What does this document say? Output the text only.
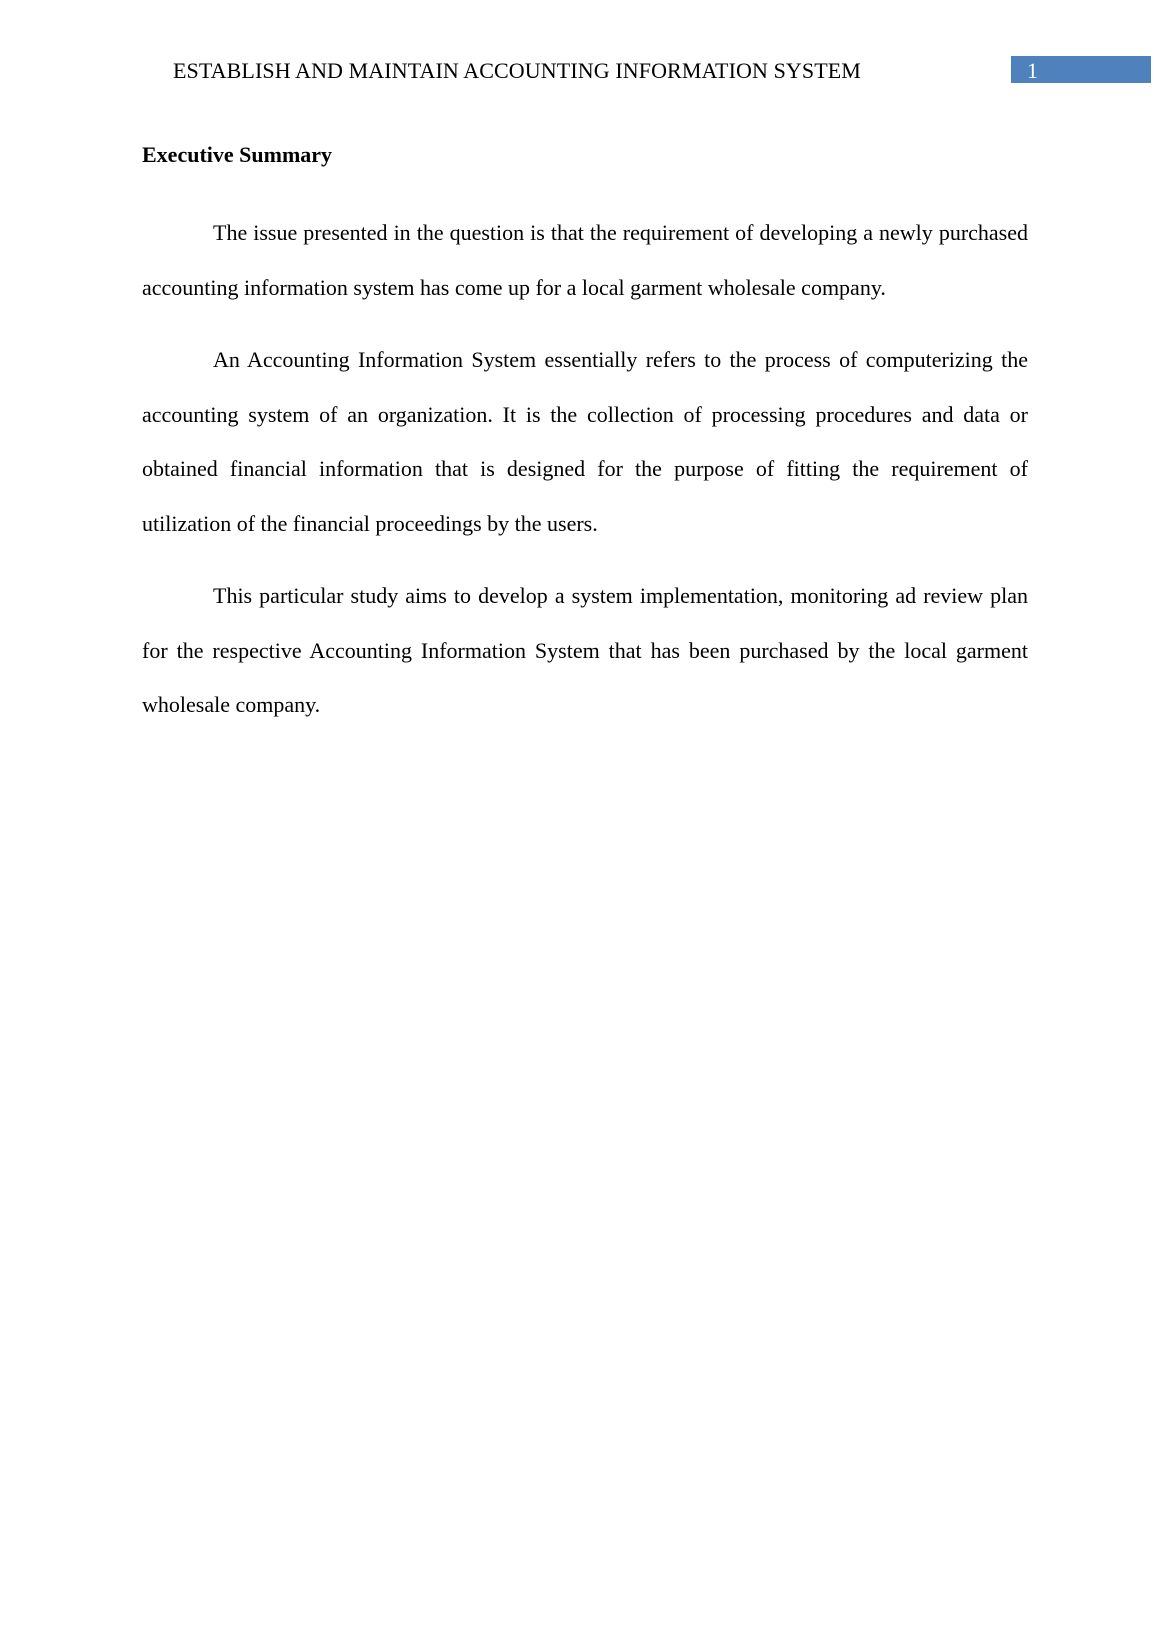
ESTABLISH AND MAINTAIN ACCOUNTING INFORMATION SYSTEM	1
Executive Summary

The issue presented in the question is that the requirement of developing a newly purchased accounting information system has come up for a local garment wholesale company.

An Accounting Information System essentially refers to the process of computerizing the accounting system of an organization. It is the collection of processing procedures and data or obtained financial information that is designed for the purpose of fitting the requirement of utilization of the financial proceedings by the users.

This particular study aims to develop a system implementation, monitoring ad review plan for the respective Accounting Information System that has been purchased by the local garment wholesale company.
